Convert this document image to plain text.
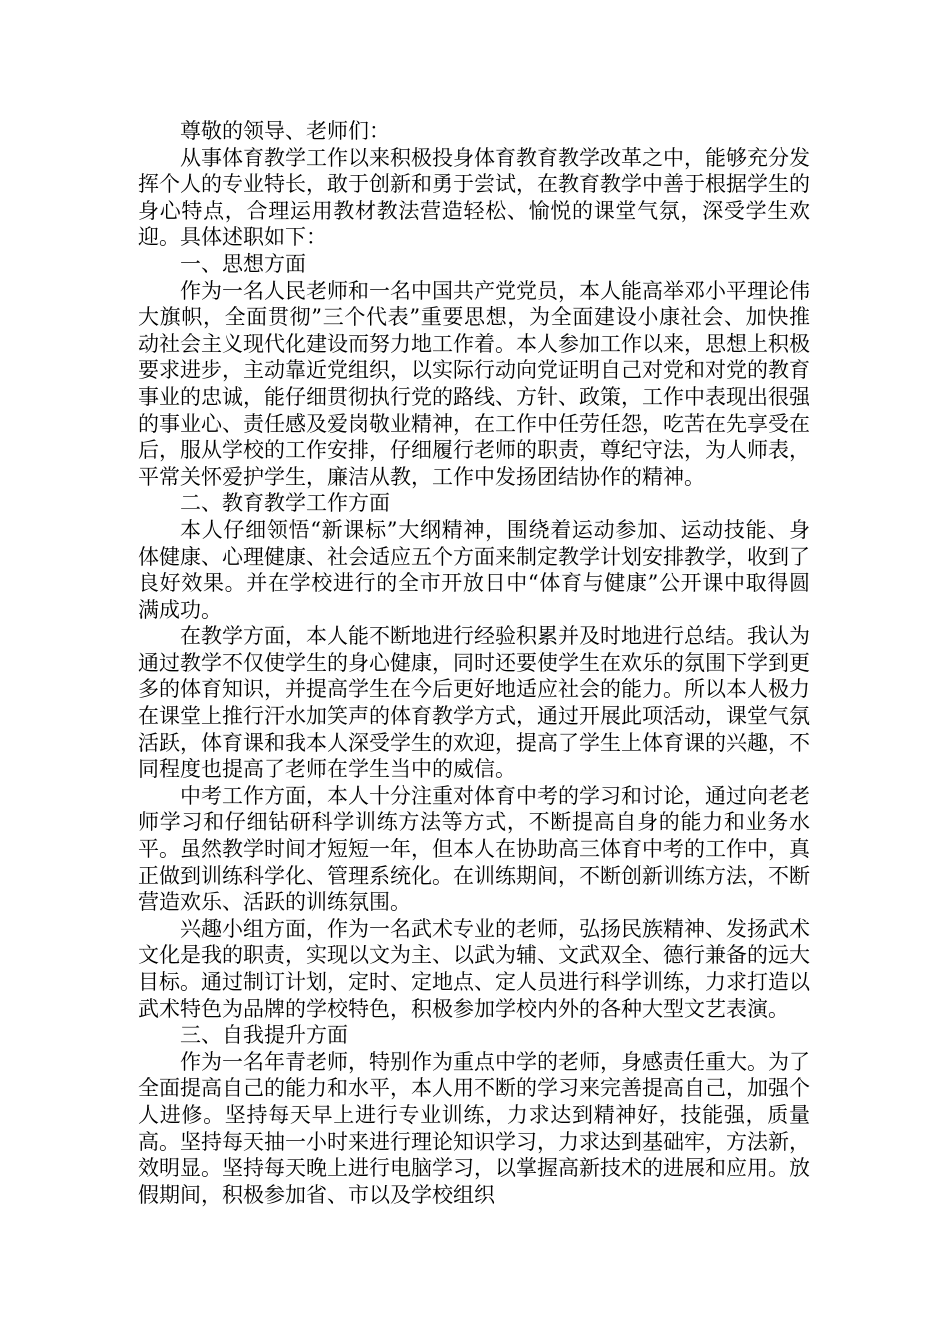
尊敬的领导、老师们：

从事体育教学工作以来积极投身体育教育教学改革之中，能够充分发挥个人的专业特长，敢于创新和勇于尝试，在教育教学中善于根据学生的身心特点，合理运用教材教法营造轻松、愉悦的课堂气氛，深受学生欢迎。具体述职如下：

一、思想方面

作为一名人民老师和一名中国共产党党员，本人能高举邓小平理论伟大旗帜，全面贯彻”三个代表”重要思想，为全面建设小康社会、加快推动社会主义现代化建设而努力地工作着。本人参加工作以来，思想上积极要求进步，主动靠近党组织，以实际行动向党证明自己对党和对党的教育事业的忠诚，能仔细贯彻执行党的路线、方针、政策，工作中表现出很强的事业心、责任感及爱岗敬业精神，在工作中任劳任怨，吃苦在先享受在后，服从学校的工作安排，仔细履行老师的职责，尊纪守法，为人师表，平常关怀爱护学生，廉洁从教，工作中发扬团结协作的精神。

二、教育教学工作方面

本人仔细领悟“新课标”大纲精神，围绕着运动参加、运动技能、身体健康、心理健康、社会适应五个方面来制定教学计划安排教学，收到了良好效果。并在学校进行的全市开放日中“体育与健康”公开课中取得圆满成功。

在教学方面，本人能不断地进行经验积累并及时地进行总结。我认为通过教学不仅使学生的身心健康，同时还要使学生在欢乐的氛围下学到更多的体育知识，并提高学生在今后更好地适应社会的能力。所以本人极力在课堂上推行汗水加笑声的体育教学方式，通过开展此项活动，课堂气氛活跃，体育课和我本人深受学生的欢迎，提高了学生上体育课的兴趣，不同程度也提高了老师在学生当中的威信。

中考工作方面，本人十分注重对体育中考的学习和讨论，通过向老老师学习和仔细钻研科学训练方法等方式，不断提高自身的能力和业务水平。虽然教学时间才短短一年，但本人在协助高三体育中考的工作中，真正做到训练科学化、管理系统化。在训练期间，不断创新训练方法，不断营造欢乐、活跃的训练氛围。

兴趣小组方面，作为一名武术专业的老师，弘扬民族精神、发扬武术文化是我的职责，实现以文为主、以武为辅、文武双全、德行兼备的远大目标。通过制订计划，定时、定地点、定人员进行科学训练，力求打造以武术特色为品牌的学校特色，积极参加学校内外的各种大型文艺表演。

三、自我提升方面

作为一名年青老师，特别作为重点中学的老师，身感责任重大。为了全面提高自己的能力和水平，本人用不断的学习来完善提高自己，加强个人进修。坚持每天早上进行专业训练，力求达到精神好，技能强，质量高。坚持每天抽一小时来进行理论知识学习，力求达到基础牢，方法新，效明显。坚持每天晚上进行电脑学习，以掌握高新技术的进展和应用。放假期间，积极参加省、市以及学校组织
